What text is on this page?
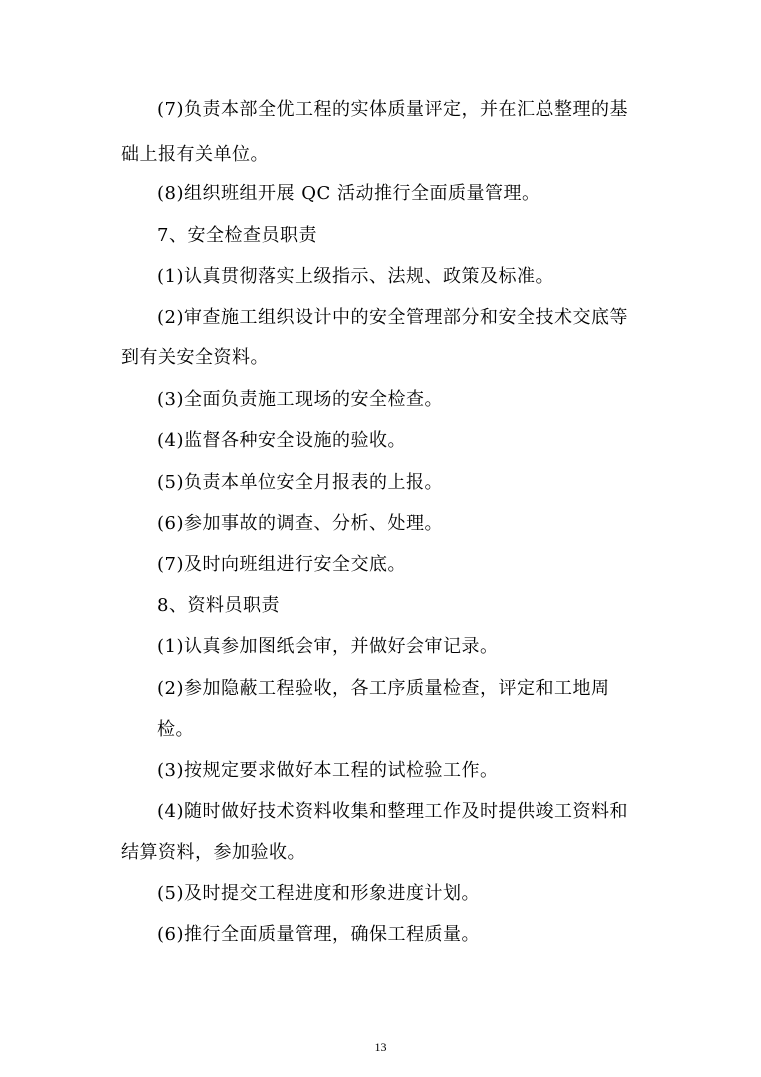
(7)负责本部全优工程的实体质量评定，并在汇总整理的基
础上报有关单位。
(8)组织班组开展 QC 活动推行全面质量管理。
7、安全检查员职责
(1)认真贯彻落实上级指示、法规、政策及标准。
(2)审查施工组织设计中的安全管理部分和安全技术交底等
到有关安全资料。
(3)全面负责施工现场的安全检查。
(4)监督各种安全设施的验收。
(5)负责本单位安全月报表的上报。
(6)参加事故的调查、分析、处理。
(7)及时向班组进行安全交底。
8、资料员职责
(1)认真参加图纸会审，并做好会审记录。
(2)参加隐蔽工程验收，各工序质量检查，评定和工地周
检。
(3)按规定要求做好本工程的试检验工作。
(4)随时做好技术资料收集和整理工作及时提供竣工资料和
结算资料，参加验收。
(5)及时提交工程进度和形象进度计划。
(6)推行全面质量管理，确保工程质量。
13
